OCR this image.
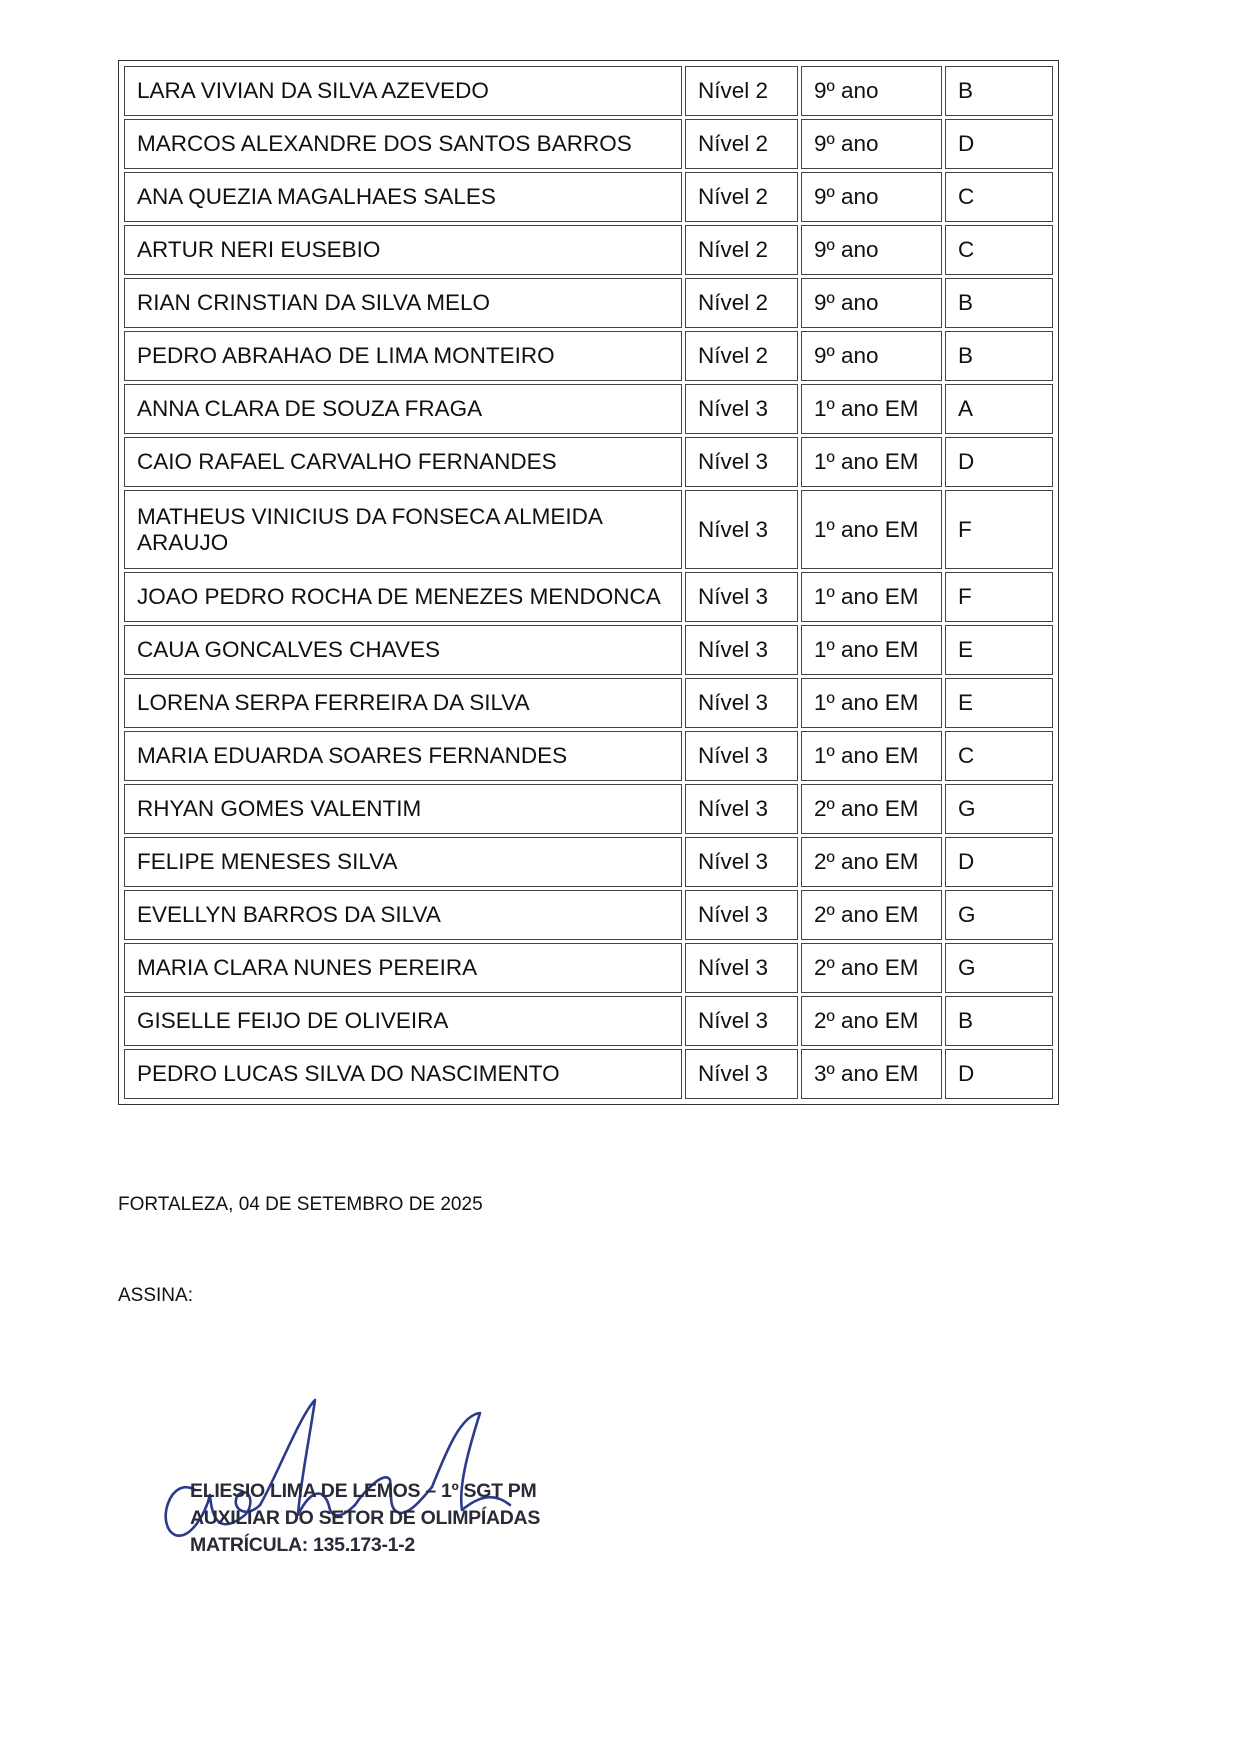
LARA VIVIAN DA SILVA AZEVEDO	Nível 2	9º ano	B
MARCOS ALEXANDRE DOS SANTOS BARROS	Nível 2	9º ano	D
ANA QUEZIA MAGALHAES SALES	Nível 2	9º ano	C
ARTUR NERI EUSEBIO	Nível 2	9º ano	C
RIAN CRINSTIAN DA SILVA MELO	Nível 2	9º ano	B
PEDRO ABRAHAO DE LIMA MONTEIRO	Nível 2	9º ano	B
ANNA CLARA DE SOUZA FRAGA	Nível 3	1º ano EM	A
CAIO RAFAEL CARVALHO FERNANDES	Nível 3	1º ano EM	D
MATHEUS VINICIUS DA FONSECA ALMEIDA ARAUJO	Nível 3	1º ano EM	F
JOAO PEDRO ROCHA DE MENEZES MENDONCA	Nível 3	1º ano EM	F
CAUA GONCALVES CHAVES	Nível 3	1º ano EM	E
LORENA SERPA FERREIRA DA SILVA	Nível 3	1º ano EM	E
MARIA EDUARDA SOARES FERNANDES	Nível 3	1º ano EM	C
RHYAN GOMES VALENTIM	Nível 3	2º ano EM	G
FELIPE MENESES SILVA	Nível 3	2º ano EM	D
EVELLYN BARROS DA SILVA	Nível 3	2º ano EM	G
MARIA CLARA NUNES PEREIRA	Nível 3	2º ano EM	G
GISELLE FEIJO DE OLIVEIRA	Nível 3	2º ano EM	B
PEDRO LUCAS SILVA DO NASCIMENTO	Nível 3	3º ano EM	D
FORTALEZA, 04 DE SETEMBRO DE 2025
ASSINA:
ELIESIO LIMA DE LEMOS – 1º SGT PM
AUXILIAR DO SETOR DE OLIMPÍADAS
MATRÍCULA: 135.173-1-2
